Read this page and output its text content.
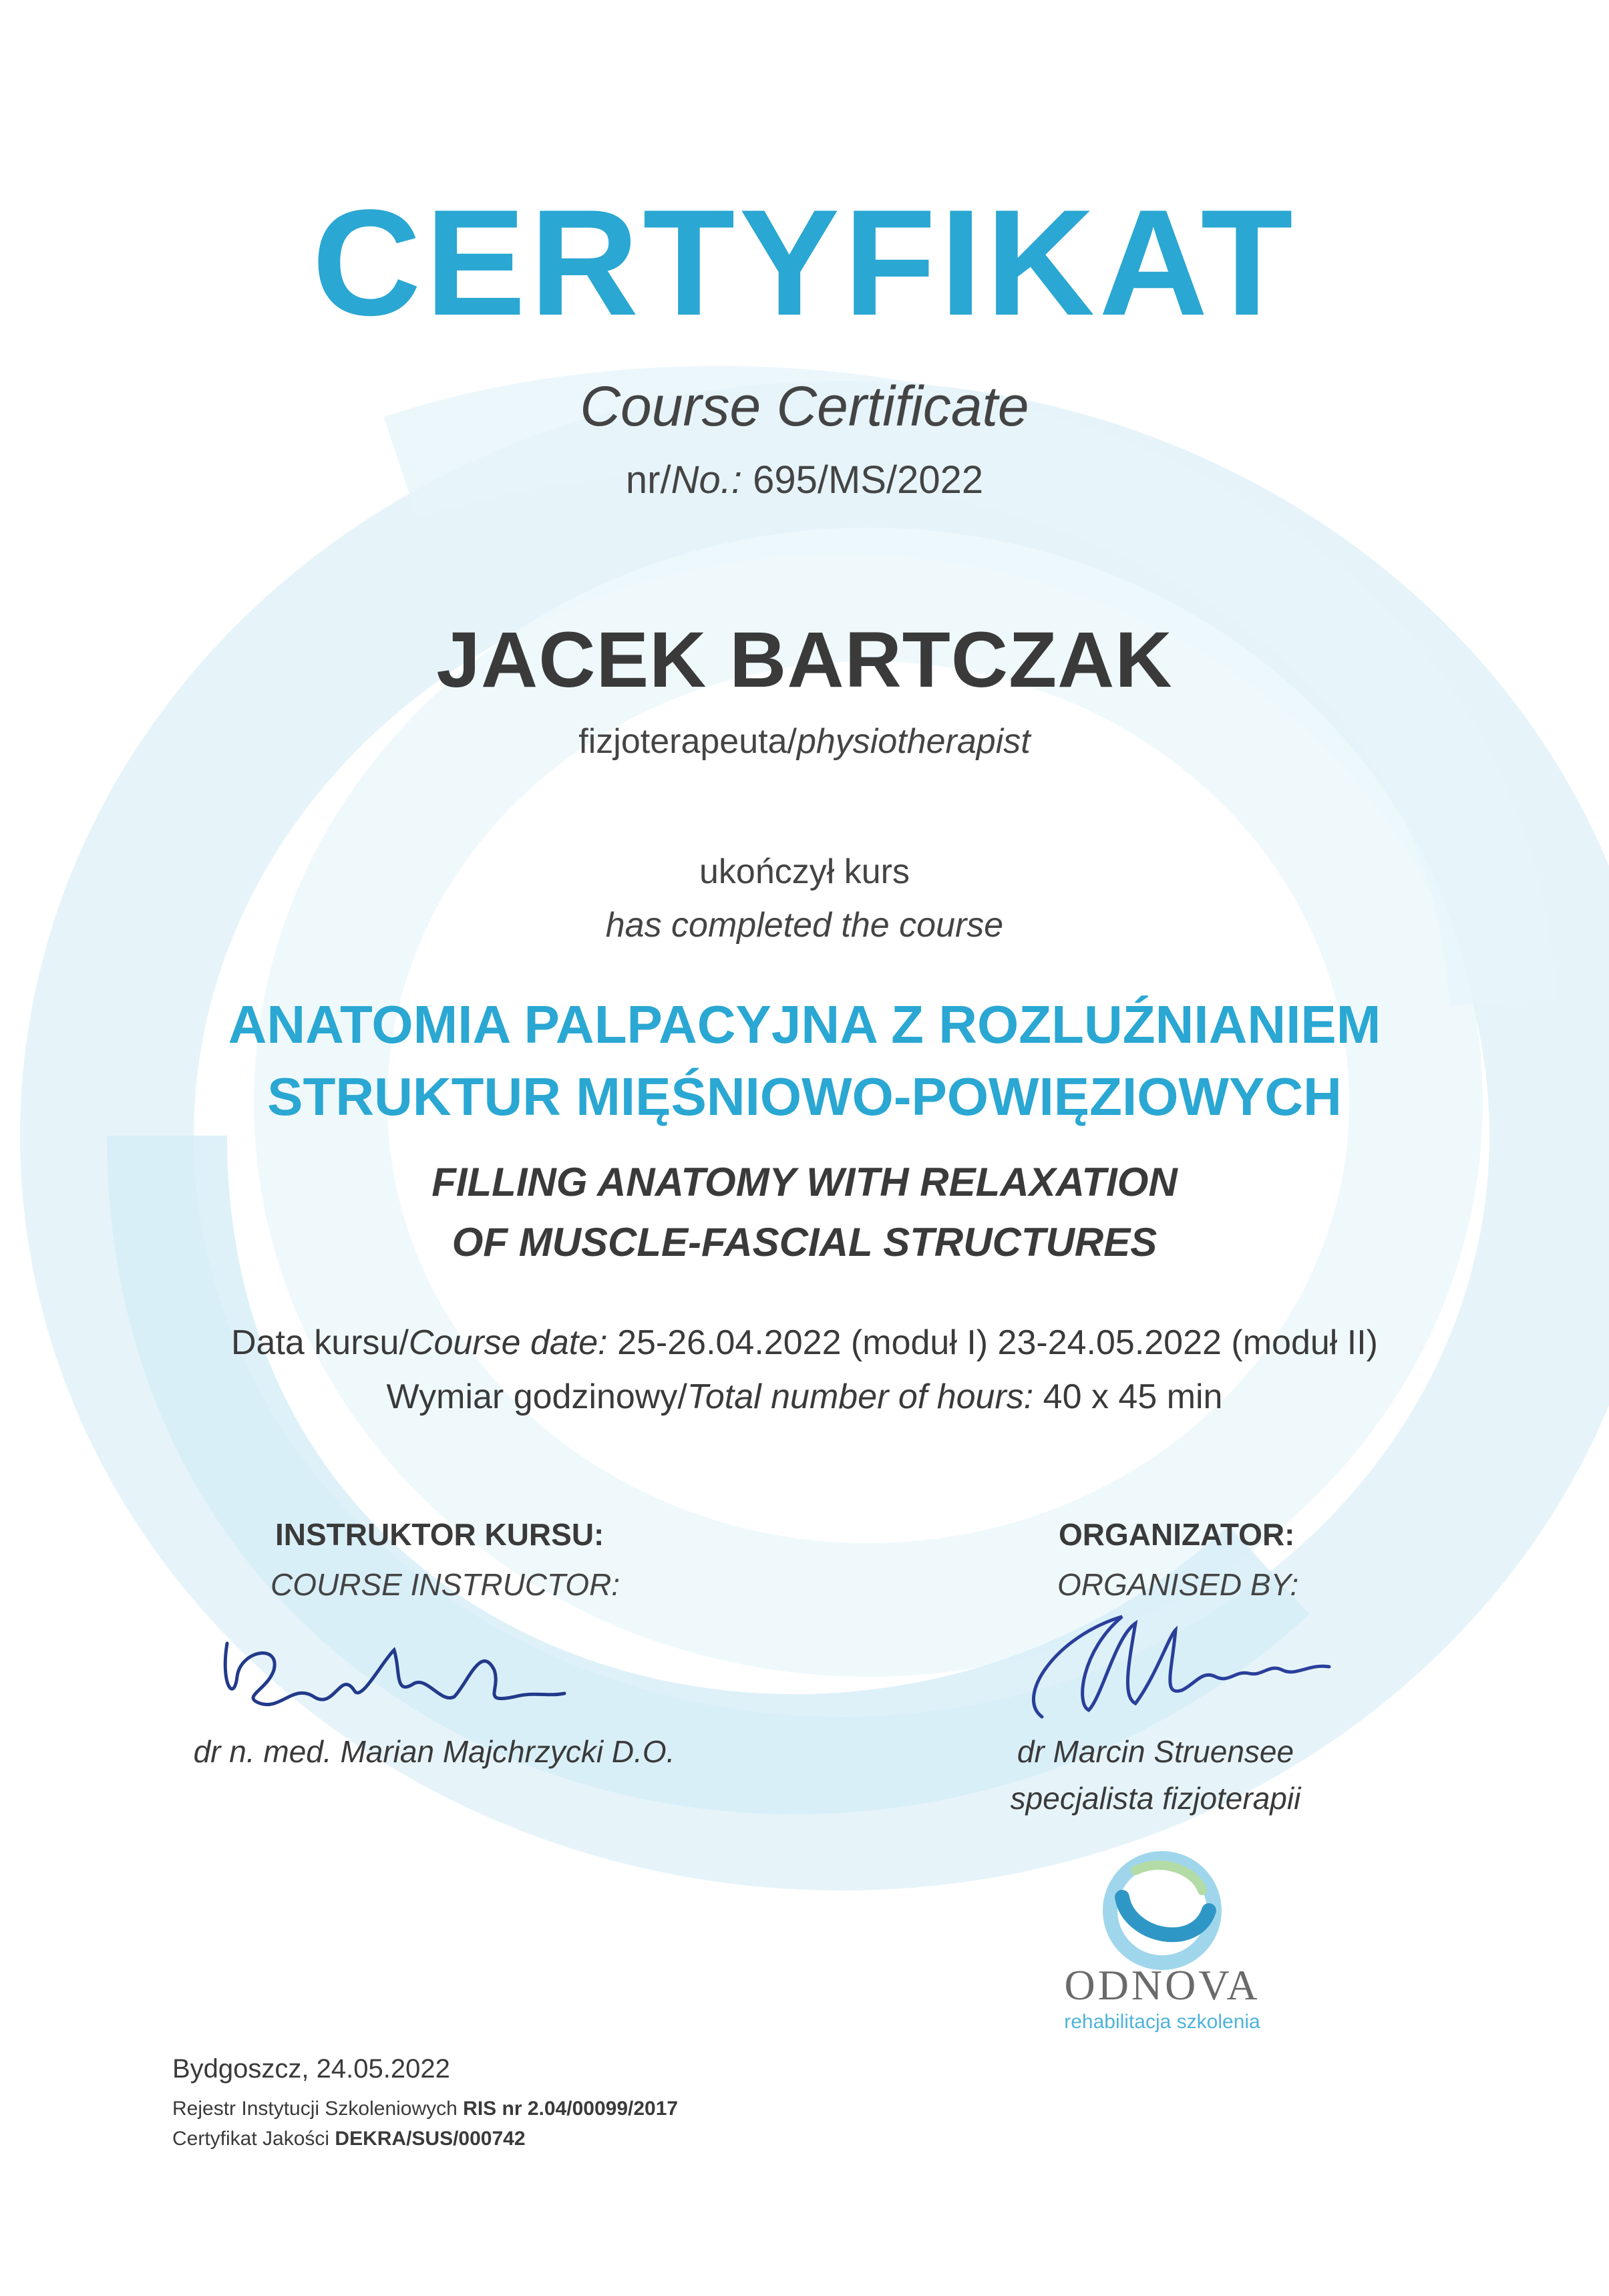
CERTYFIKAT
Course Certificate
nr/No.: 695/MS/2022
JACEK BARTCZAK
fizjoterapeuta/physiotherapist
ukończył kurs
has completed the course
ANATOMIA PALPACYJNA Z ROZLUŹNIANIEM
STRUKTUR MIĘŚNIOWO-POWIĘZIOWYCH
FILLING ANATOMY WITH RELAXATION
OF MUSCLE-FASCIAL STRUCTURES
Data kursu/Course date: 25-26.04.2022 (moduł I) 23-24.05.2022 (moduł II)
Wymiar godzinowy/Total number of hours: 40 x 45 min
INSTRUKTOR KURSU:
COURSE INSTRUCTOR:
dr n. med. Marian Majchrzycki D.O.
ORGANIZATOR:
ORGANISED BY:
dr Marcin Struensee
specjalista fizjoterapii
ODNOVA
rehabilitacja szkolenia
Bydgoszcz, 24.05.2022
Rejestr Instytucji Szkoleniowych RIS nr 2.04/00099/2017
Certyfikat Jakości DEKRA/SUS/000742
